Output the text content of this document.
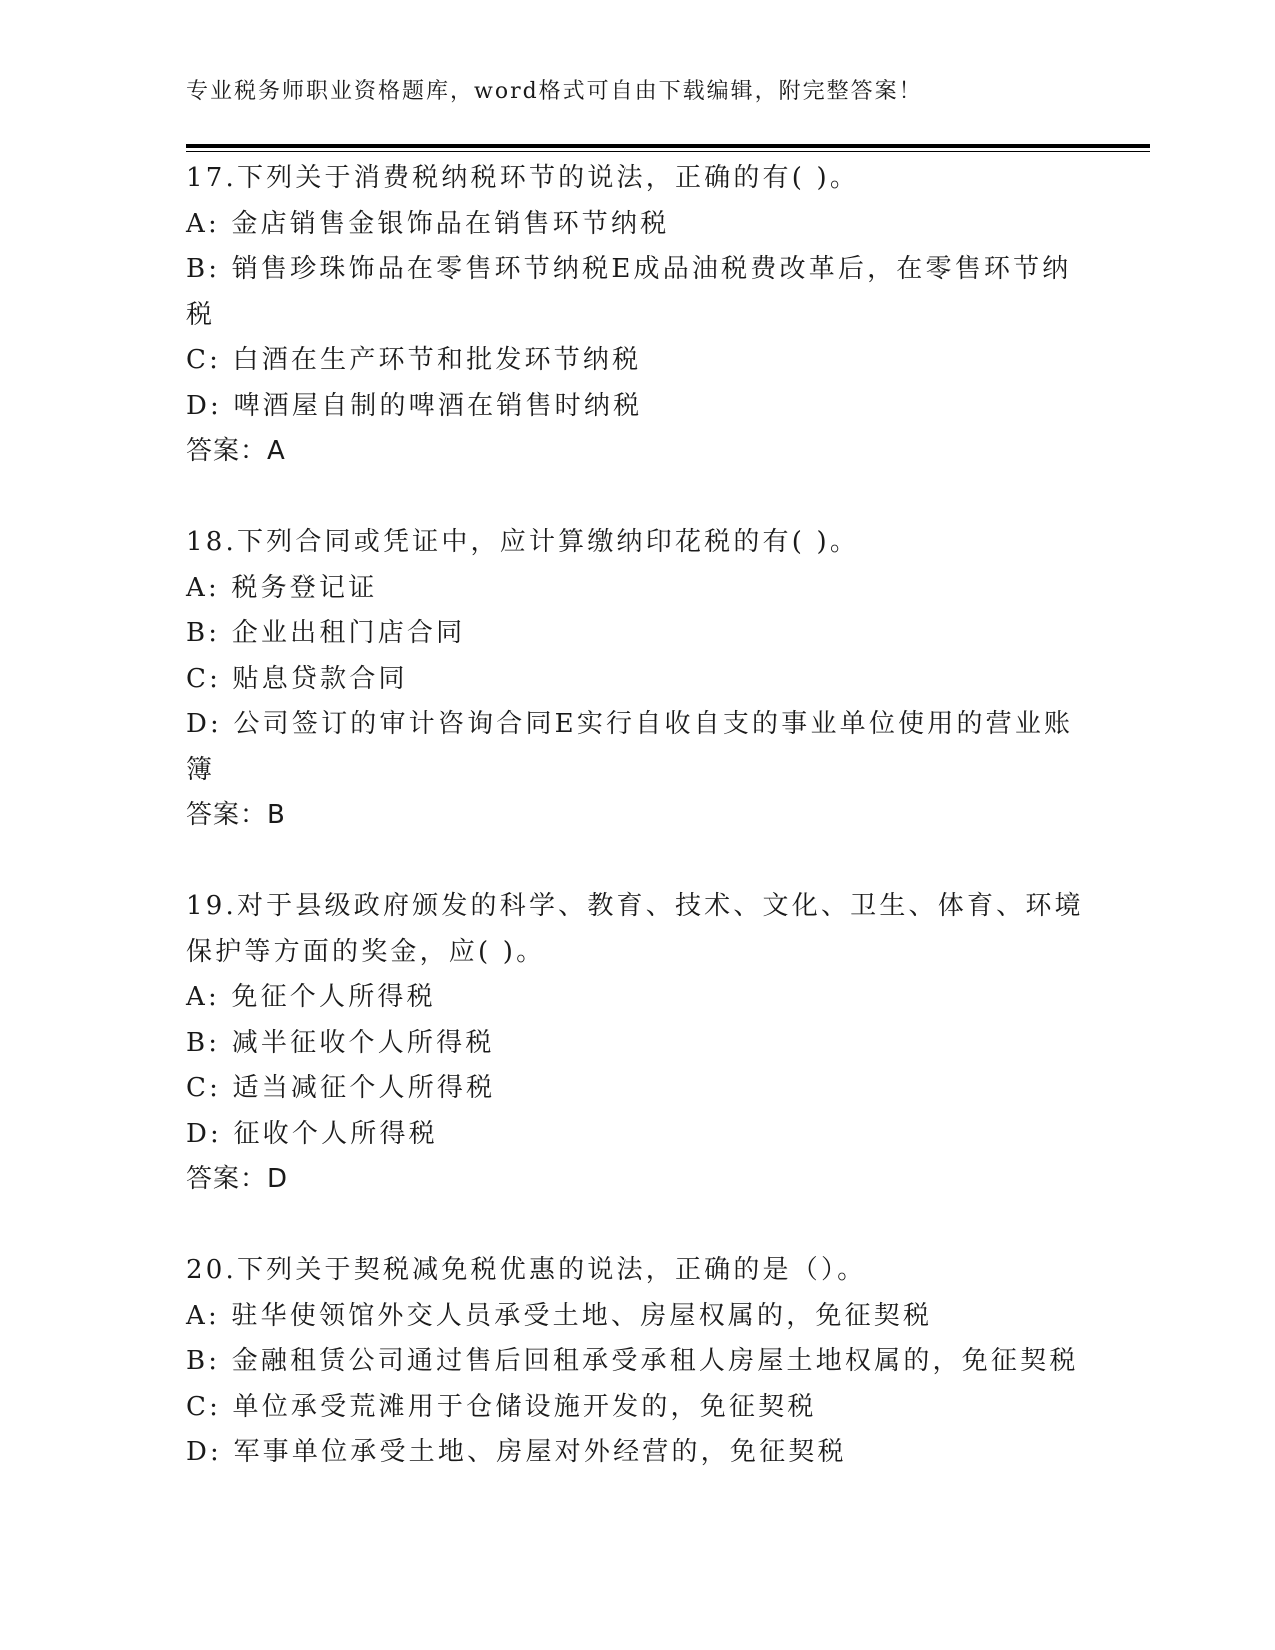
专业税务师职业资格题库，word格式可自由下载编辑，附完整答案！

17.下列关于消费税纳税环节的说法，正确的有( )。

A: 金店销售金银饰品在销售环节纳税

B: 销售珍珠饰品在零售环节纳税E成品油税费改革后，在零售环节纳税

C: 白酒在生产环节和批发环节纳税

D: 啤酒屋自制的啤酒在销售时纳税

答案：A

18.下列合同或凭证中，应计算缴纳印花税的有( )。

A: 税务登记证

B: 企业出租门店合同

C: 贴息贷款合同

D: 公司签订的审计咨询合同E实行自收自支的事业单位使用的营业账簿

答案：B

19.对于县级政府颁发的科学、教育、技术、文化、卫生、体育、环境保护等方面的奖金，应( )。

A: 免征个人所得税

B: 减半征收个人所得税

C: 适当减征个人所得税

D: 征收个人所得税

答案：D

20.下列关于契税减免税优惠的说法，正确的是（）。

A: 驻华使领馆外交人员承受土地、房屋权属的，免征契税

B: 金融租赁公司通过售后回租承受承租人房屋土地权属的，免征契税

C: 单位承受荒滩用于仓储设施开发的，免征契税

D: 军事单位承受土地、房屋对外经营的，免征契税
